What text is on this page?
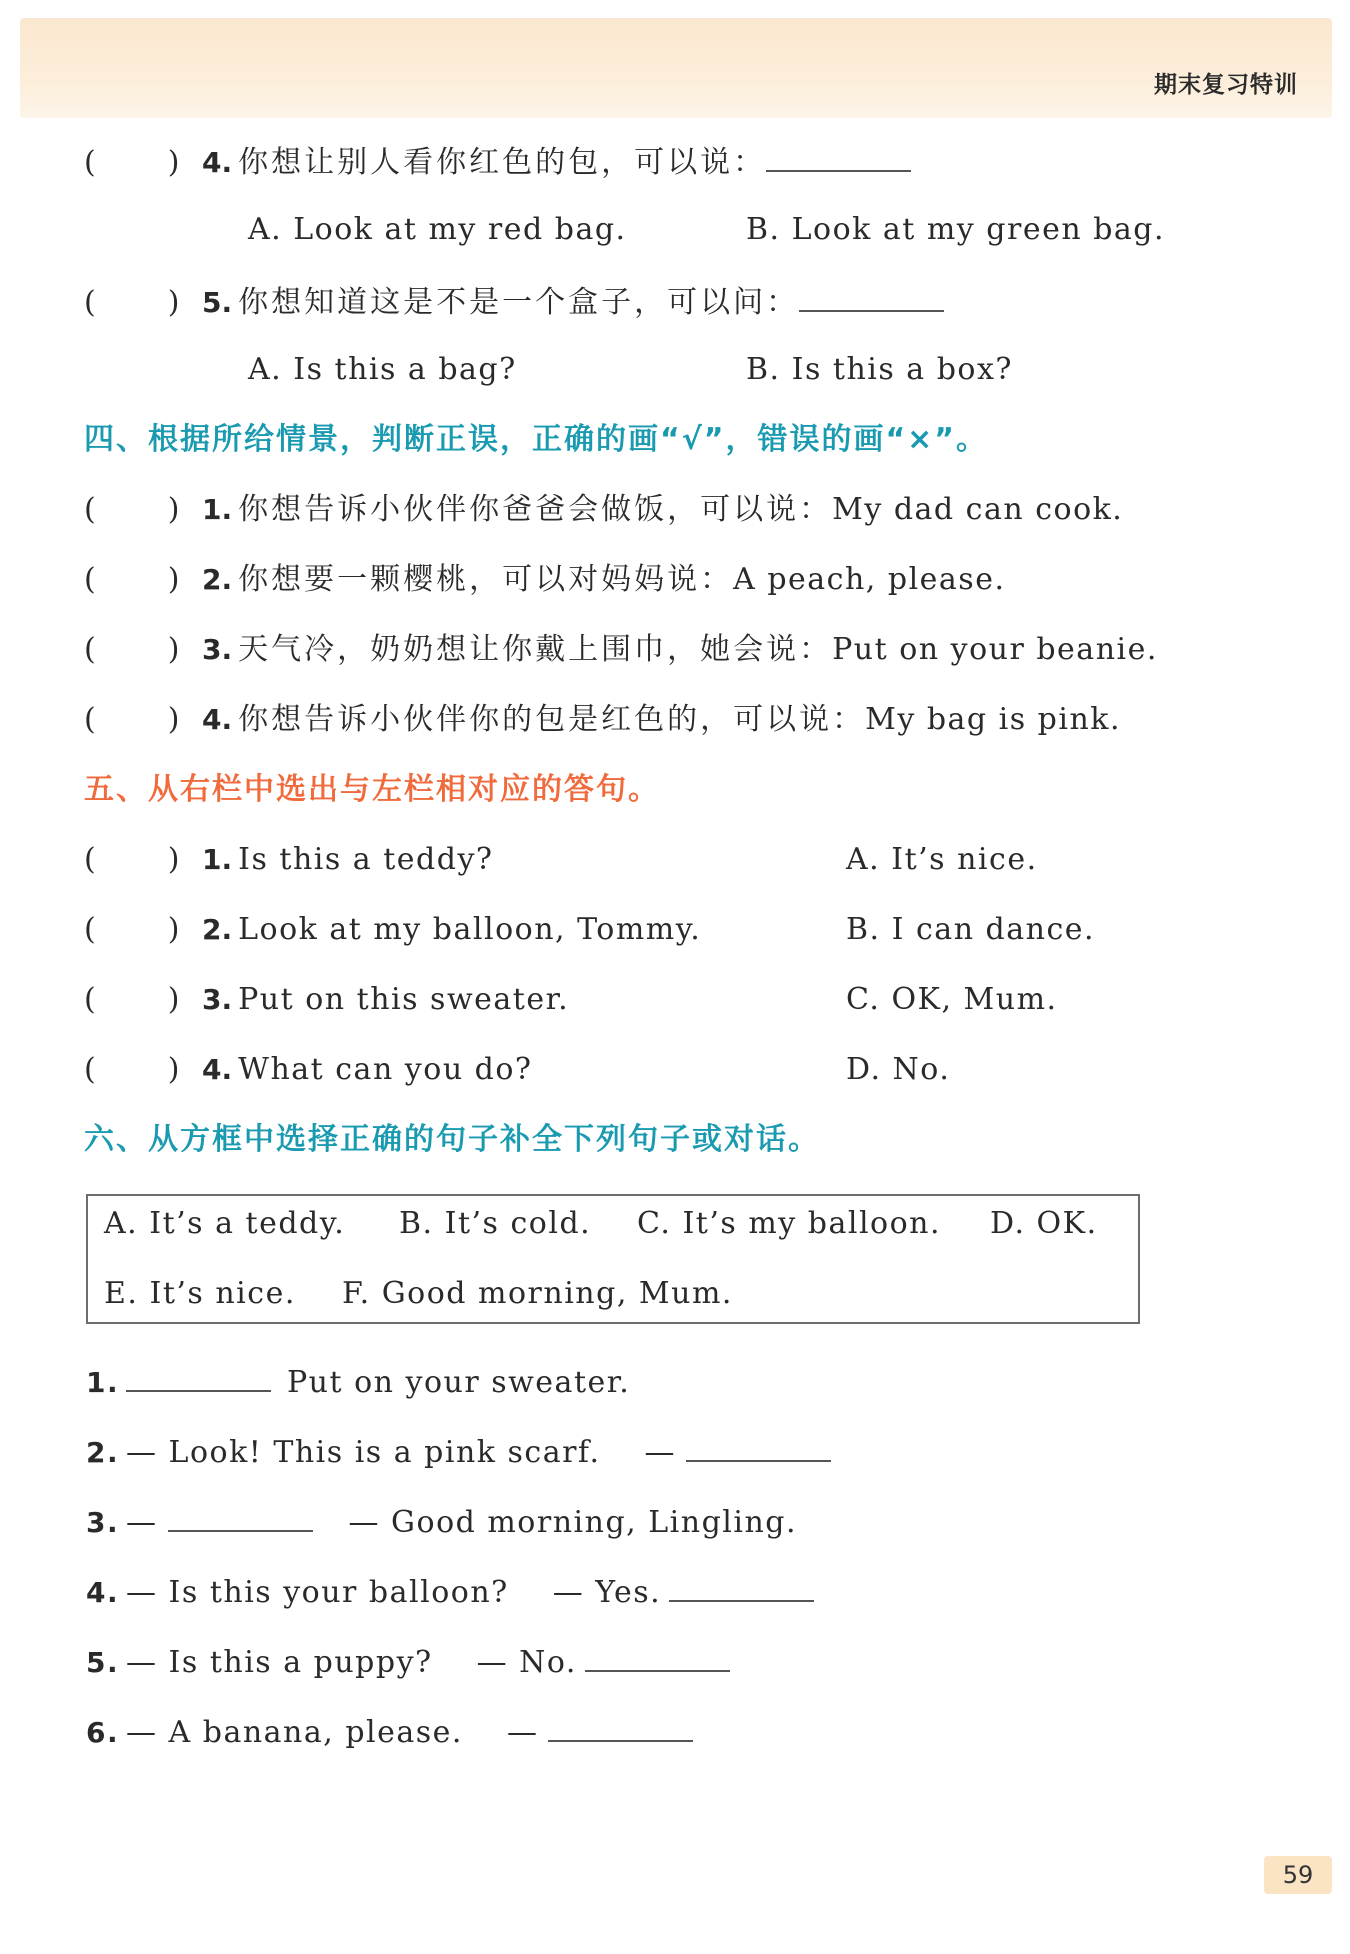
期末复习特训
( ) 4. 你想让别人看你红色的包，可以说：
A. Look at my red bag.	B. Look at my green bag.
( ) 5. 你想知道这是不是一个盒子，可以问：
A. Is this a bag?	B. Is this a box?
四、根据所给情景，判断正误，正确的画“√”，错误的画“×”。
( ) 1. 你想告诉小伙伴你爸爸会做饭，可以说：My dad can cook.
( ) 2. 你想要一颗樱桃，可以对妈妈说：A peach, please.
( ) 3. 天气冷，奶奶想让你戴上围巾，她会说：Put on your beanie.
( ) 4. 你想告诉小伙伴你的包是红色的，可以说：My bag is pink.
五、从右栏中选出与左栏相对应的答句。
( ) 1. Is this a teddy?	A. It’s nice.
( ) 2. Look at my balloon, Tommy.	B. I can dance.
( ) 3. Put on this sweater.	C. OK, Mum.
( ) 4. What can you do?	D. No.
六、从方框中选择正确的句子补全下列句子或对话。
A. It’s a teddy. B. It’s cold. C. It’s my balloon. D. OK.
E. It’s nice. F. Good morning, Mum.
1.	Put on your sweater.
2. — Look! This is a pink scarf. —
3. —	— Good morning, Lingling.
4. — Is this your balloon? — Yes.
5. — Is this a puppy? — No.
6. — A banana, please. —
59
